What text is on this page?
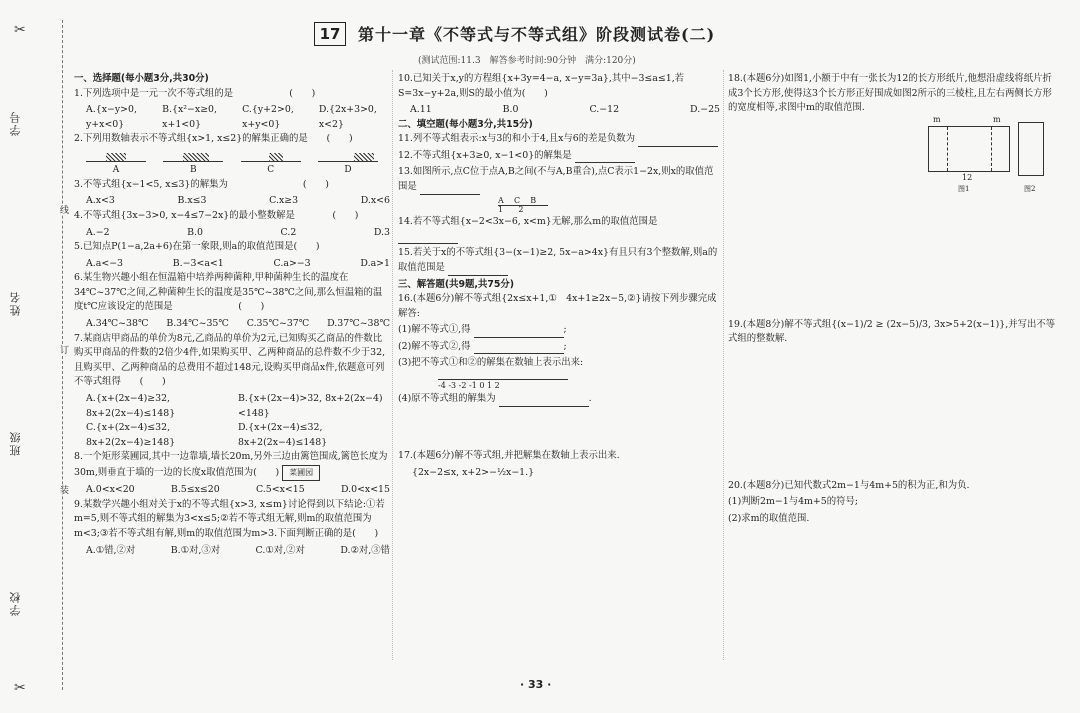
✂
✂
学号
姓名
班级
学校
线
订
装
17	第十一章《不等式与不等式组》阶段测试卷(二)
(测试范围:11.3　解答参考时间:90分钟　满分:120分)
一、选择题(每小题3分,共30分)
1.下列选项中是一元一次不等式组的是　　　　　　(　　)
A.{x−y>0, y+x<0}
B.{x²−x≥0, x+1<0}
C.{y+2>0, x+y<0}
D.{2x+3>0, x<2}
2.下列用数轴表示不等式组{x>1, x≤2}的解集正确的是　　(　　)
A	B	C	D
3.不等式组{x−1<5, x≤3}的解集为　　　　　　　　(　　)
A.x<3	B.x≤3	C.x≥3	D.x<6
4.不等式组{3x−3>0, x−4≤7−2x}的最小整数解是　　　　(　　)
A.−2	B.0	C.2	D.3
5.已知点P(1−a,2a+6)在第一象限,则a的取值范围是(　　)
A.a<−3	B.−3<a<1	C.a>−3	D.a>1
6.某生物兴趣小组在恒温箱中培养两种菌种,甲种菌种生长的温度在34℃~37℃之间,乙种菌种生长的温度是35℃~38℃之间,那么恒温箱的温度t℃应该设定的范围是　　　　　　　(　　)
A.34℃~38℃ B.34℃~35℃ C.35℃~37℃ D.37℃~38℃
7.某商店甲商品的单价为8元,乙商品的单价为2元,已知购买乙商品的件数比购买甲商品的件数的2倍少4件,如果购买甲、乙两种商品的总件数不少于32,且购买甲、乙两种商品的总费用不超过148元,设购买甲商品x件,依题意可列不等式组得　　(　　)
A.{x+(2x−4)≥32, 8x+2(2x−4)≤148}
B.{x+(2x−4)>32, 8x+2(2x−4)<148}
C.{x+(2x−4)≤32, 8x+2(2x−4)≥148}
D.{x+(2x−4)≤32, 8x+2(2x−4)≤148}
8.一个矩形菜圃园,其中一边靠墙,墙长20m,另外三边由篱笆围成,篱笆长度为30m,则垂直于墙的一边的长度x取值范围为(　　) 菜圃园
A.0<x<20	B.5≤x≤20	C.5<x<15	D.0<x<15
9.某数学兴趣小组对关于x的不等式组{x>3, x≤m}讨论得到以下结论:①若m=5,则不等式组的解集为3<x≤5;②若不等式组无解,则m的取值范围为m<3;③若不等式组有解,则m的取值范围为m>3.下面判断正确的是(　　)
A.①错,②对	B.①对,③对	C.①对,②对	D.②对,③错
10.已知关于x,y的方程组{x+3y=4−a, x−y=3a},其中−3≤a≤1,若S=3x−y+2a,则S的最小值为(　　)
A.11	B.0	C.−12	D.−25
二、填空题(每小题3分,共15分)
11.列不等式组表示:x与3的和小于4,且x与6的差是负数为
12.不等式组{x+3≥0, x−1<0}的解集是
13.如图所示,点C位于点A,B之间(不与A,B重合),点C表示1−2x,则x的取值范围是
A C B
1 2
14.若不等式组{x−2<3x−6, x<m}无解,那么m的取值范围是
15.若关于x的不等式组{3−(x−1)≥2, 5x−a>4x}有且只有3个整数解,则a的取值范围是
三、解答题(共9题,共75分)
16.(本题6分)解不等式组{2x≤x+1,①　4x+1≥2x−5,②}请按下列步骤完成解答:
(1)解不等式①,得	;
(2)解不等式②,得	;
(3)把不等式①和②的解集在数轴上表示出来:
-4 -3 -2 -1 0 1 2
(4)原不等式组的解集为	.
17.(本题6分)解不等式组,并把解集在数轴上表示出来.
{2x−2≤x, x+2>−½x−1.}
18.(本题6分)如图1,小额于中有一张长为12的长方形纸片,他想沿虚线将纸片折成3个长方形,使得这3个长方形正好围成如图2所示的三棱柱,且左右两侧长方形的宽度相等,求图中m的取值范围.
m	m
12
图1	图2
19.(本题8分)解不等式组{(x−1)/2 ≥ (2x−5)/3, 3x>5+2(x−1)},并写出不等式组的整数解.
20.(本题8分)已知代数式2m−1与4m+5的积为正,和为负.
(1)判断2m−1与4m+5的符号;
(2)求m的取值范围.
· 33 ·
